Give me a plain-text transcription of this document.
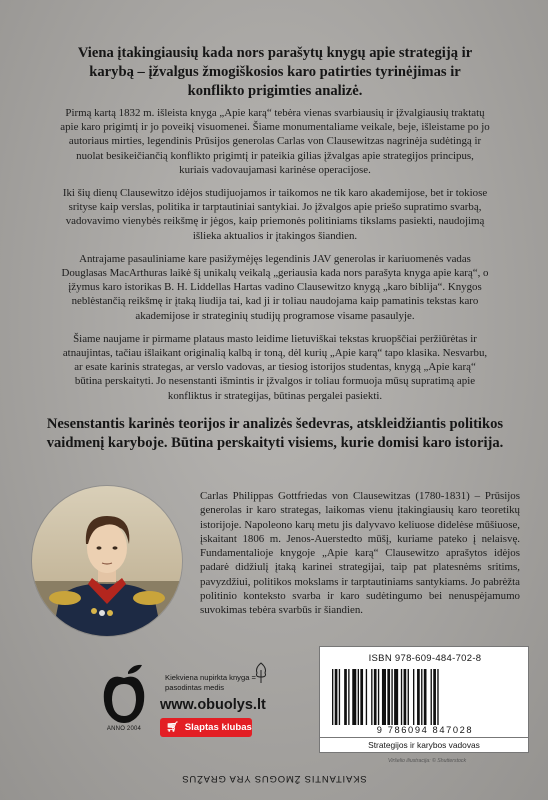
Viena įtakingiausių kada nors parašytų knygų apie strategiją ir karybą – įžvalgus žmogiškosios karo patirties tyrinėjimas ir konflikto prigimties analizė.

Pirmą kartą 1832 m. išleista knyga „Apie karą“ tebėra vienas svarbiausių ir įžvalgiausių traktatų apie karo prigimtį ir jo poveikį visuomenei. Šiame monumentaliame veikale, beje, išleistame po jo autoriaus mirties, legendinis Prūsijos generolas Carlas von Clausewitzas nagrinėja sudėtingą ir nuolat besikeičiančią konflikto prigimtį ir pateikia gilias įžvalgas apie strategijos principus, kuriais vadovaujamasi karinėse operacijose.

Iki šių dienų Clausewitzo idėjos studijuojamos ir taikomos ne tik karo akademijose, bet ir tokiose srityse kaip verslas, politika ir tarptautiniai santykiai. Jo įžvalgos apie priešo supratimo svarbą, vadovavimo vienybės reikšmę ir jėgos, kaip priemonės politiniams tikslams pasiekti, naudojimą išlieka aktualios ir įtakingos šiandien.

Antrajame pasauliniame kare pasižymėjęs legendinis JAV generolas ir kariuomenės vadas Douglasas MacArthuras laikė šį unikalų veikalą „geriausia kada nors parašyta knyga apie karą“, o įžymus karo istorikas B. H. Liddellas Hartas vadino Clausewitzo knygą „karo biblija“. Knygos neblėstančią reikšmę ir įtaką liudija tai, kad ji ir toliau naudojama kaip pamatinis tekstas karo akademijose ir strateginių studijų programose visame pasaulyje.

Šiame naujame ir pirmame plataus masto leidime lietuviškai tekstas kruopščiai peržiūrėtas ir atnaujintas, tačiau išlaikant originalią kalbą ir toną, dėl kurių „Apie karą“ tapo klasika. Nesvarbu, ar esate karinis strategas, ar verslo vadovas, ar tiesiog istorijos studentas, knygą „Apie karą“ būtina perskaityti. Jo nesenstanti išmintis ir įžvalgos ir toliau formuoja mūsų supratimą apie konfliktus ir strategijas, būtinas pergalei pasiekti.

Nesenstantis karinės teorijos ir analizės šedevras, atskleidžiantis politikos vaidmenį karyboje. Būtina perskaityti visiems, kurie domisi karo istorija.
Carlas Philippas Gottfriedas von Clausewitzas (1780-1831) – Prūsijos generolas ir karo strategas, laikomas vienu įtakingiausių karo teoretikų istorijoje. Napoleono karų metu jis dalyvavo keliuose didelėse mūšiuose, įskaitant 1806 m. Jenos-Auerstedto mūšį, kuriame pateko į nelaisvę. Fundamentalioje knygoje „Apie karą“ Clausewitzo aprašytos idėjos padarė didžiulį įtaką karinei strategijai, taip pat platesnėms sritims, pavyzdžiui, politikos mokslams ir tarptautiniams santykiams. Jo pabrėžta politinio konteksto svarba ir karo sudėtingumo bei nenuspėjamumo suvokimas tebėra svarbūs ir šiandien.
ANNO 2004
Kiekviena nupirkta knyga = pasodintas medis
www.obuolys.lt
🛒︎ Slaptas klubas
ISBN 978-609-484-702-8
9 786094 847028
Strategijos ir karybos vadovas
Viršelio iliustracija: © Shutterstock
SKAITANTIS ŽMOGUS YRA GRAŽUS
